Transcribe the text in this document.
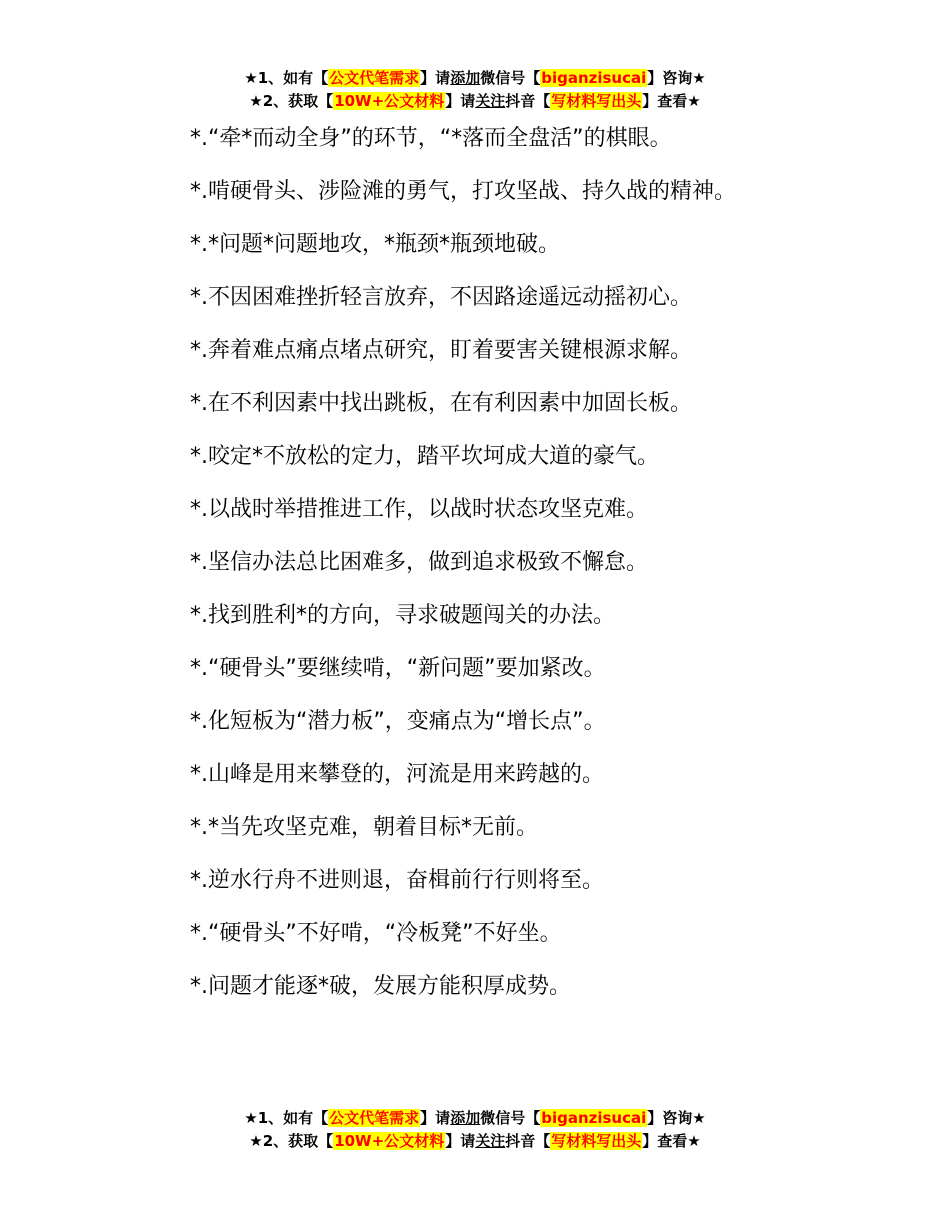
★1、如有【公文代笔需求】请添加微信号【biganzisucai】咨询★
★2、获取【10W+公文材料】请关注抖音【写材料写出头】查看★
*.“牵*而动全身”的环节，“*落而全盘活”的棋眼。
*.啃硬骨头、涉险滩的勇气，打攻坚战、持久战的精神。
*.*问题*问题地攻，*瓶颈*瓶颈地破。
*.不因困难挫折轻言放弃，不因路途遥远动摇初心。
*.奔着难点痛点堵点研究，盯着要害关键根源求解。
*.在不利因素中找出跳板，在有利因素中加固长板。
*.咬定*不放松的定力，踏平坎坷成大道的豪气。
*.以战时举措推进工作，以战时状态攻坚克难。
*.坚信办法总比困难多，做到追求极致不懈怠。
*.找到胜利*的方向，寻求破题闯关的办法。
*.“硬骨头”要继续啃，“新问题”要加紧改。
*.化短板为“潜力板”，变痛点为“增长点”。
*.山峰是用来攀登的，河流是用来跨越的。
*.*当先攻坚克难，朝着目标*无前。
*.逆水行舟不进则退，奋楫前行行则将至。
*.“硬骨头”不好啃，“冷板凳”不好坐。
*.问题才能逐*破，发展方能积厚成势。
★1、如有【公文代笔需求】请添加微信号【biganzisucai】咨询★
★2、获取【10W+公文材料】请关注抖音【写材料写出头】查看★
